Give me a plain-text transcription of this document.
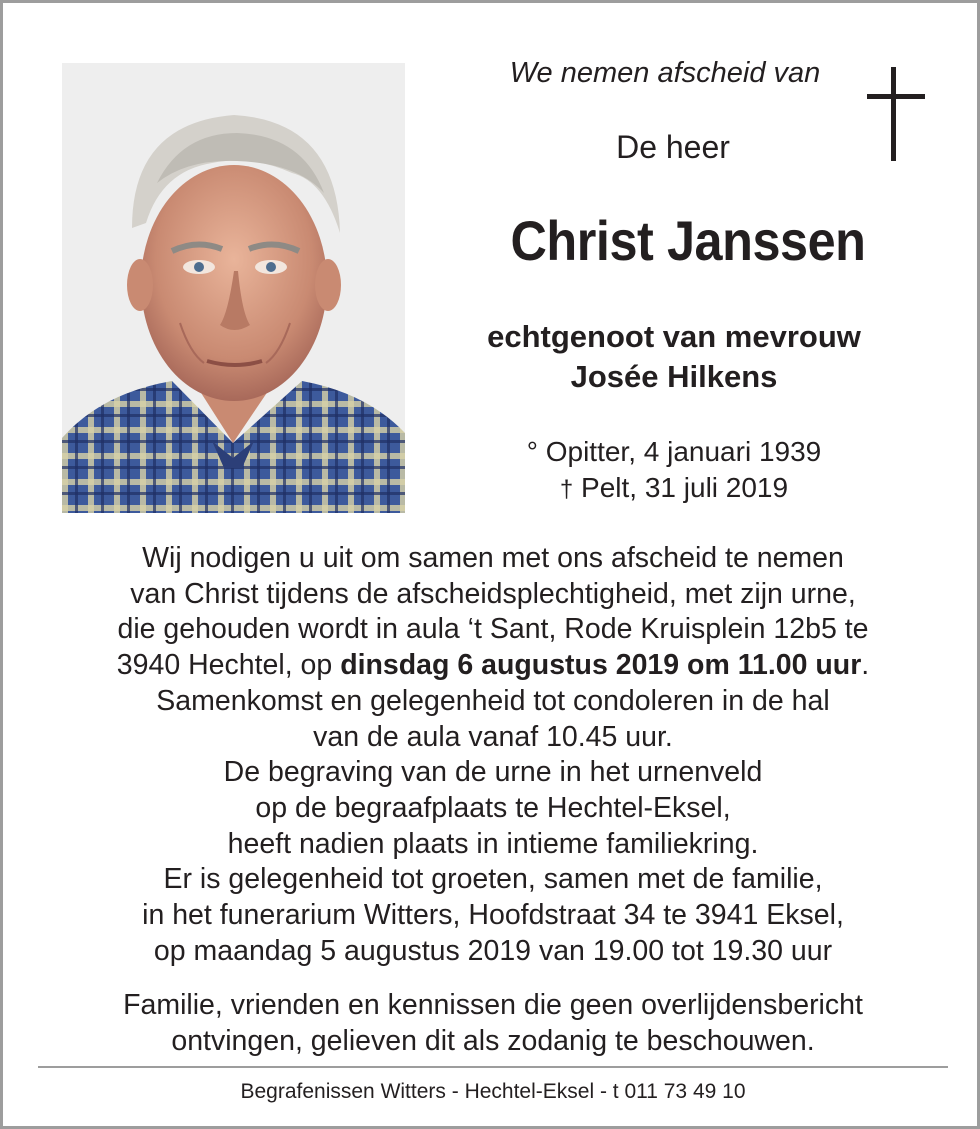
We nemen afscheid van
De heer
Christ Janssen
echtgenoot van mevrouw
Josée Hilkens
° Opitter, 4 januari 1939
† Pelt, 31 juli 2019

Wij nodigen u uit om samen met ons afscheid te nemen

van Christ tijdens de afscheidsplechtigheid, met zijn urne,

die gehouden wordt in aula ‘t Sant, Rode Kruisplein 12b5 te

3940 Hechtel, op dinsdag 6 augustus 2019 om 11.00 uur.

Samenkomst en gelegenheid tot condoleren in de hal

van de aula vanaf 10.45 uur.

De begraving van de urne in het urnenveld

op de begraafplaats te Hechtel-Eksel,

heeft nadien plaats in intieme familiekring.

Er is gelegenheid tot groeten, samen met de familie,

in het funerarium Witters, Hoofdstraat 34 te 3941 Eksel,

op maandag 5 augustus 2019 van 19.00 tot 19.30 uur

Familie, vrienden en kennissen die geen overlijdensbericht

ontvingen, gelieven dit als zodanig te beschouwen.

Begrafenissen Witters - Hechtel-Eksel - t 011 73 49 10
